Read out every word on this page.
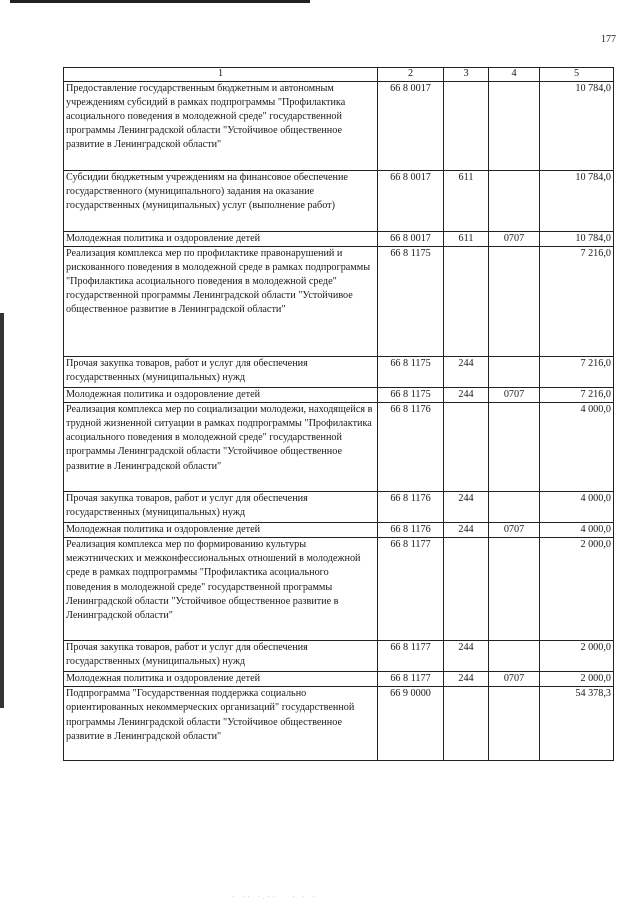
177
1	2	3	4	5
Предоставление государственным бюджетным и автономным учреждениям субсидий в рамках подпрограммы "Профилактика асоциального поведения в молодежной среде" государственной программы Ленинградской области "Устойчивое общественное развитие в Ленинградской области"	66 8 0017			10 784,0
Субсидии бюджетным учреждениям на финансовое обеспечение государственного (муниципального) задания на оказание государственных (муниципальных) услуг (выполнение работ)	66 8 0017	611		10 784,0
Молодежная политика и оздоровление детей	66 8 0017	611	0707	10 784,0
Реализация комплекса мер по профилактике правонарушений и рискованного поведения в молодежной среде в рамках подпрограммы "Профилактика асоциального поведения в молодежной среде" государственной программы Ленинградской области "Устойчивое общественное развитие в Ленинградской области"	66 8 1175			7 216,0
Прочая закупка товаров, работ и услуг для обеспечения государственных (муниципальных) нужд	66 8 1175	244		7 216,0
Молодежная политика и оздоровление детей	66 8 1175	244	0707	7 216,0
Реализация комплекса мер по социализации молодежи, находящейся в трудной жизненной ситуации в рамках подпрограммы "Профилактика асоциального поведения в молодежной среде" государственной программы Ленинградской области "Устойчивое общественное развитие в Ленинградской области"	66 8 1176			4 000,0
Прочая закупка товаров, работ и услуг для обеспечения государственных (муниципальных) нужд	66 8 1176	244		4 000,0
Молодежная политика и оздоровление детей	66 8 1176	244	0707	4 000,0
Реализация комплекса мер по формированию культуры межэтнических и межконфессиональных отношений в молодежной среде в рамках подпрограммы "Профилактика асоциального поведения в молодежной среде" государственной программы Ленинградской области "Устойчивое общественное развитие в Ленинградской области"	66 8 1177			2 000,0
Прочая закупка товаров, работ и услуг для обеспечения государственных (муниципальных) нужд	66 8 1177	244		2 000,0
Молодежная политика и оздоровление детей	66 8 1177	244	0707	2 000,0
Подпрограмма "Государственная поддержка социально ориентированных некоммерческих организаций" государственной программы Ленинградской области "Устойчивое общественное развитие в Ленинградской области"	66 9 0000			54 378,3
· ·· ·.··   · · ·
